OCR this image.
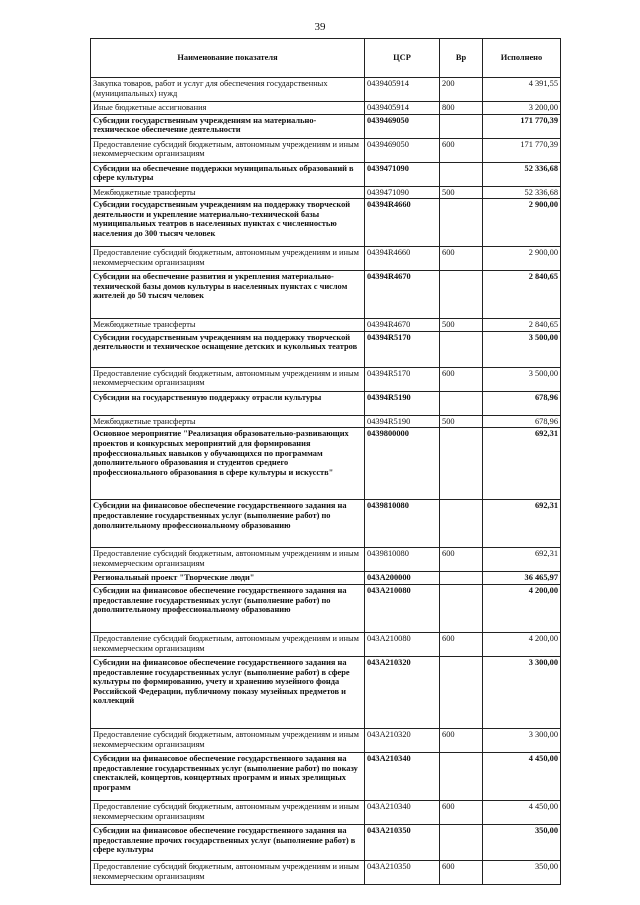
39
Наименование показателя	ЦСР	Вр	Исполнено
Закупка товаров, работ и услуг для обеспечения государственных (муниципальных) нужд	0439405914	200	4 391,55
Иные бюджетные ассигнования	0439405914	800	3 200,00
Субсидии государственным учреждениям на материально-техническое обеспечение деятельности	0439469050		171 770,39
Предоставление субсидий бюджетным, автономным учреждениям и иным некоммерческим организациям	0439469050	600	171 770,39
Субсидии на обеспечение поддержки муниципальных образований в сфере культуры	0439471090		52 336,68
Межбюджетные трансферты	0439471090	500	52 336,68
Субсидии государственным учреждениям на поддержку творческой деятельности и укрепление материально-технической базы муниципальных театров в населенных пунктах с численностью населения до 300 тысяч человек	04394R4660		2 900,00
Предоставление субсидий бюджетным, автономным учреждениям и иным некоммерческим организациям	04394R4660	600	2 900,00
Субсидии на обеспечение развития и укрепления материально-технической базы домов культуры в населенных пунктах с числом жителей до 50 тысяч человек	04394R4670		2 840,65
Межбюджетные трансферты	04394R4670	500	2 840,65
Субсидии государственным учреждениям на поддержку творческой деятельности и техническое оснащение детских и кукольных театров	04394R5170		3 500,00
Предоставление субсидий бюджетным, автономным учреждениям и иным некоммерческим организациям	04394R5170	600	3 500,00
Субсидии на государственную поддержку отрасли культуры	04394R5190		678,96
Межбюджетные трансферты	04394R5190	500	678,96
Основное мероприятие "Реализация образовательно-развивающих проектов и конкурсных мероприятий для формирования профессиональных навыков у обучающихся по программам дополнительного образования и студентов среднего профессионального образования в сфере культуры и искусств"	0439800000		692,31
Субсидии на финансовое обеспечение государственного задания на предоставление государственных услуг (выполнение работ) по дополнительному профессиональному образованию	0439810080		692,31
Предоставление субсидий бюджетным, автономным учреждениям и иным некоммерческим организациям	0439810080	600	692,31
Региональный проект "Творческие люди"	043A200000		36 465,97
Субсидии на финансовое обеспечение государственного задания на предоставление государственных услуг (выполнение работ) по дополнительному профессиональному образованию	043A210080		4 200,00
Предоставление субсидий бюджетным, автономным учреждениям и иным некоммерческим организациям	043A210080	600	4 200,00
Субсидии на финансовое обеспечение государственного задания на предоставление государственных услуг (выполнение работ) в сфере культуры по формированию, учету и хранению музейного фонда Российской Федерации, публичному показу музейных предметов и коллекций	043A210320		3 300,00
Предоставление субсидий бюджетным, автономным учреждениям и иным некоммерческим организациям	043A210320	600	3 300,00
Субсидии на финансовое обеспечение государственного задания на предоставление государственных услуг (выполнение работ) по показу спектаклей, концертов, концертных программ и иных зрелищных программ	043A210340		4 450,00
Предоставление субсидий бюджетным, автономным учреждениям и иным некоммерческим организациям	043A210340	600	4 450,00
Субсидии на финансовое обеспечение государственного задания на предоставление прочих государственных услуг (выполнение работ) в сфере культуры	043A210350		350,00
Предоставление субсидий бюджетным, автономным учреждениям и иным некоммерческим организациям	043A210350	600	350,00
